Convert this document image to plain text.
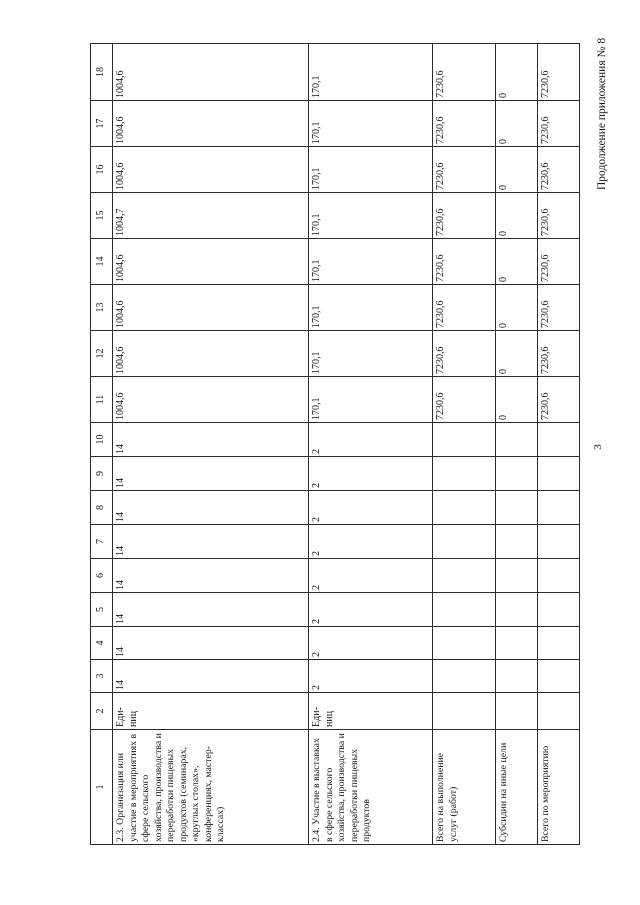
3
Продолжение приложения № 8
1	2	3	4	5	6	7	8	9	10	11	12	13	14	15	16	17	18
2.3. Организация или участие в мероприятиях в сфере сельского хозяйства, производства и переработки пищевых продуктов (семинарах, «круглых столах», конференциях, мастер-классах)	Еди- ниц	14	14	14	14	14	14	14	14	1004,6	1004,6	1004,6	1004,6	1004,7	1004,6	1004,6	1004,6
2.4. Участие в выставках в сфере сельского хозяйства, производства и переработки пищевых продуктов	Еди- ниц	2	2	2	2	2	2	2	2	170,1	170,1	170,1	170,1	170,1	170,1	170,1	170,1
Всего на выполнение услуг (работ)										7230,6	7230,6	7230,6	7230,6	7230,6	7230,6	7230,6	7230,6
Субсидии на иные цели										0	0	0	0	0	0	0	0
Всего по мероприятию										7230,6	7230,6	7230,6	7230,6	7230,6	7230,6	7230,6	7230,6
